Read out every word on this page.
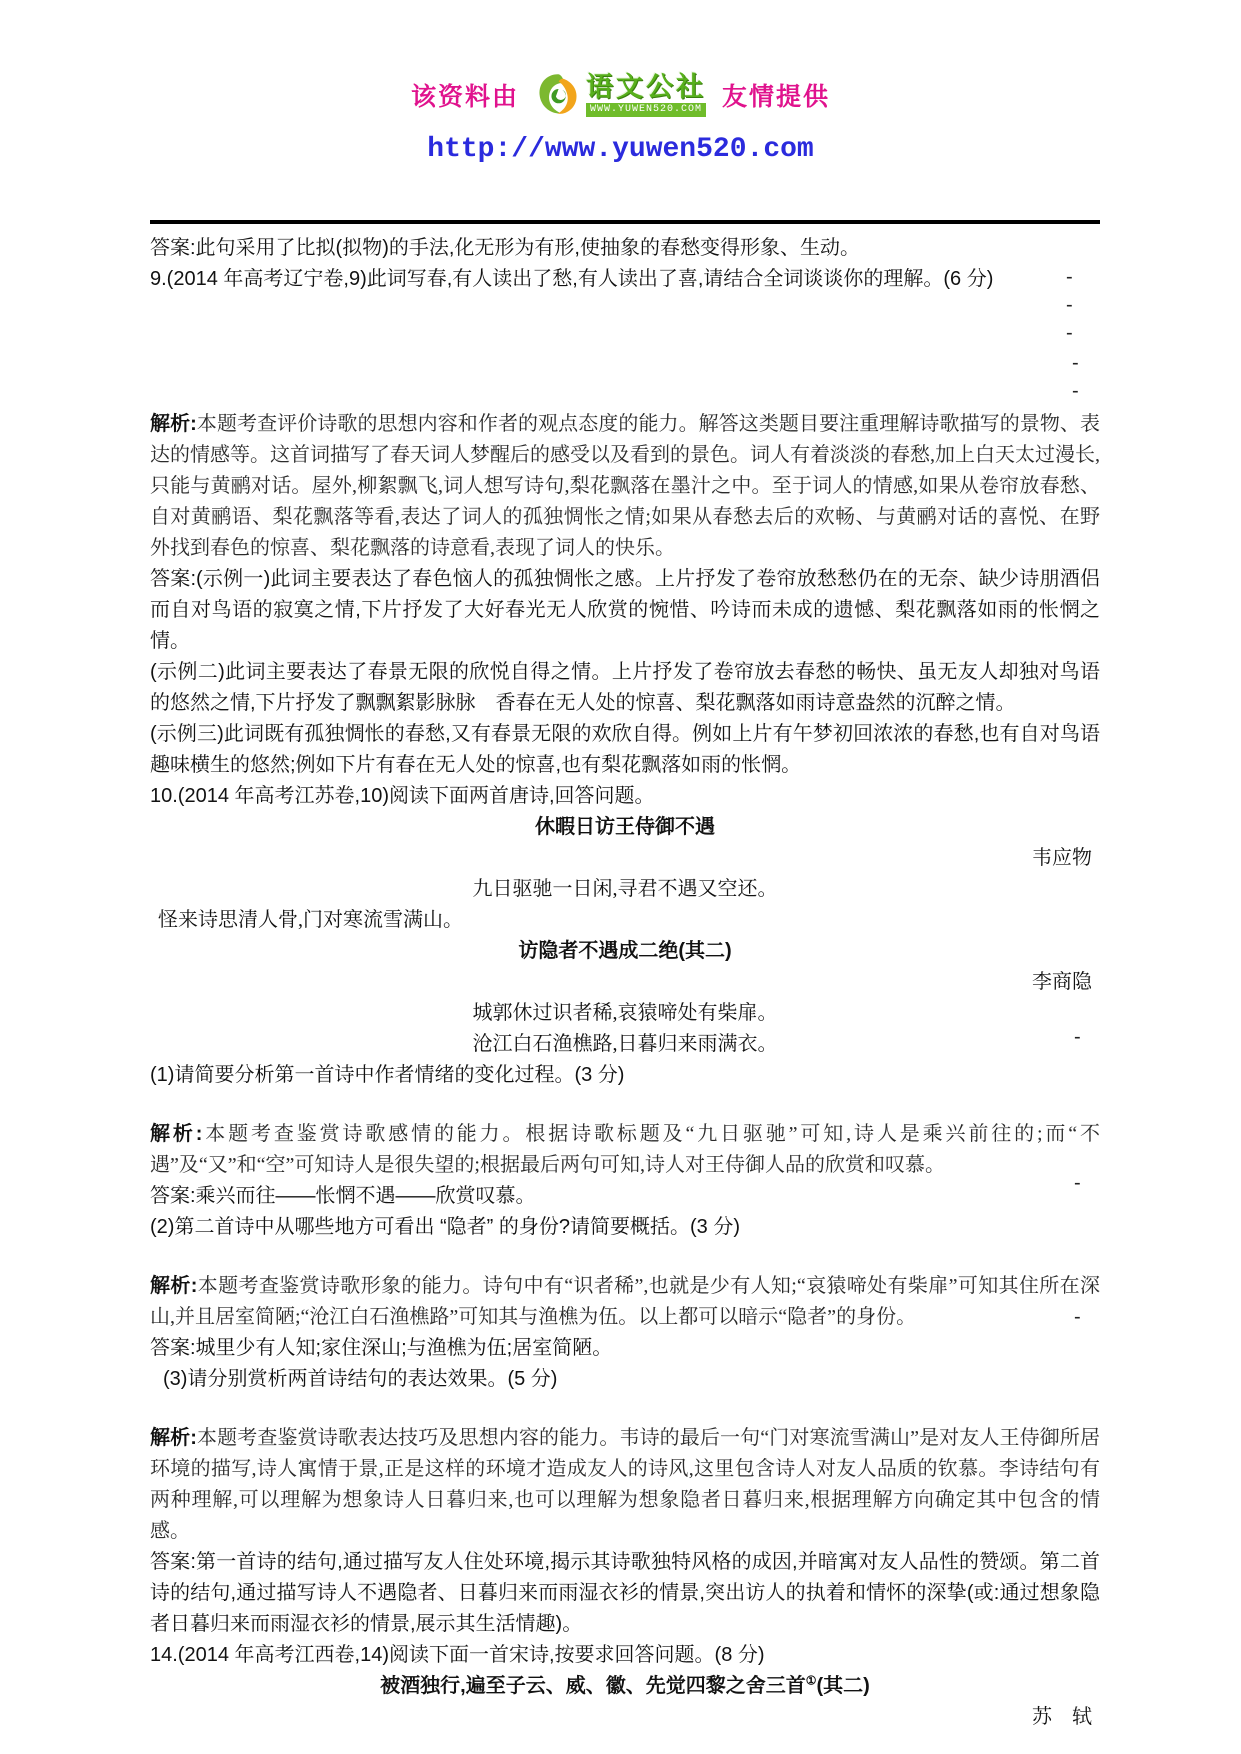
该资料由 语文公社
WWW.YUWEN520.COM 友情提供
http://www.yuwen520.com

答案:此句采用了比拟(拟物)的手法,化无形为有形,使抽象的春愁变得形象、生动。

9.(2014 年高考辽宁卷,9)此词写春,有人读出了愁,有人读出了喜,请结合全词谈谈你的理解。(6 分)

解析:本题考查评价诗歌的思想内容和作者的观点态度的能力。解答这类题目要注重理解诗歌描写的景物、表达的情感等。这首词描写了春天词人梦醒后的感受以及看到的景色。词人有着淡淡的春愁,加上白天太过漫长,只能与黄鹂对话。屋外,柳絮飘飞,词人想写诗句,梨花飘落在墨汁之中。至于词人的情感,如果从卷帘放春愁、自对黄鹂语、梨花飘落等看,表达了词人的孤独惆怅之情;如果从春愁去后的欢畅、与黄鹂对话的喜悦、在野外找到春色的惊喜、梨花飘落的诗意看,表现了词人的快乐。

答案:(示例一)此词主要表达了春色恼人的孤独惆怅之感。上片抒发了卷帘放愁愁仍在的无奈、缺少诗朋酒侣而自对鸟语的寂寞之情,下片抒发了大好春光无人欣赏的惋惜、吟诗而未成的遗憾、梨花飘落如雨的怅惘之情。

(示例二)此词主要表达了春景无限的欣悦自得之情。上片抒发了卷帘放去春愁的畅快、虽无友人却独对鸟语的悠然之情,下片抒发了飘飘絮影脉脉　香春在无人处的惊喜、梨花飘落如雨诗意盎然的沉醉之情。

(示例三)此词既有孤独惆怅的春愁,又有春景无限的欢欣自得。例如上片有午梦初回浓浓的春愁,也有自对鸟语趣味横生的悠然;例如下片有春在无人处的惊喜,也有梨花飘落如雨的怅惘。

10.(2014 年高考江苏卷,10)阅读下面两首唐诗,回答问题。

休暇日访王侍御不遇

韦应物

九日驱驰一日闲,寻君不遇又空还。

怪来诗思清人骨,门对寒流雪满山。

访隐者不遇成二绝(其二)

李商隐

城郭休过识者稀,哀猿啼处有柴扉。

沧江白石渔樵路,日暮归来雨满衣。

(1)请简要分析第一首诗中作者情绪的变化过程。(3 分)

解析:本题考查鉴赏诗歌感情的能力。根据诗歌标题及“九日驱驰”可知,诗人是乘兴前往的;而“不遇”及“又”和“空”可知诗人是很失望的;根据最后两句可知,诗人对王侍御人品的欣赏和叹慕。

答案:乘兴而往——怅惘不遇——欣赏叹慕。

(2)第二首诗中从哪些地方可看出 “隐者” 的身份?请简要概括。(3 分)

解析:本题考查鉴赏诗歌形象的能力。诗句中有“识者稀”,也就是少有人知;“哀猿啼处有柴扉”可知其住所在深山,并且居室简陋;“沧江白石渔樵路”可知其与渔樵为伍。以上都可以暗示“隐者”的身份。

答案:城里少有人知;家住深山;与渔樵为伍;居室简陋。

(3)请分别赏析两首诗结句的表达效果。(5 分)

解析:本题考查鉴赏诗歌表达技巧及思想内容的能力。韦诗的最后一句“门对寒流雪满山”是对友人王侍御所居环境的描写,诗人寓情于景,正是这样的环境才造成友人的诗风,这里包含诗人对友人品质的钦慕。李诗结句有两种理解,可以理解为想象诗人日暮归来,也可以理解为想象隐者日暮归来,根据理解方向确定其中包含的情感。

答案:第一首诗的结句,通过描写友人住处环境,揭示其诗歌独特风格的成因,并暗寓对友人品性的赞颂。第二首诗的结句,通过描写诗人不遇隐者、日暮归来而雨湿衣衫的情景,突出访人的执着和情怀的深挚(或:通过想象隐者日暮归来而雨湿衣衫的情景,展示其生活情趣)。

14.(2014 年高考江西卷,14)阅读下面一首宋诗,按要求回答问题。(8 分)

被酒独行,遍至子云、威、徽、先觉四黎之舍三首①(其二)

苏　轼

-
-
-
-
-
-
-
-
